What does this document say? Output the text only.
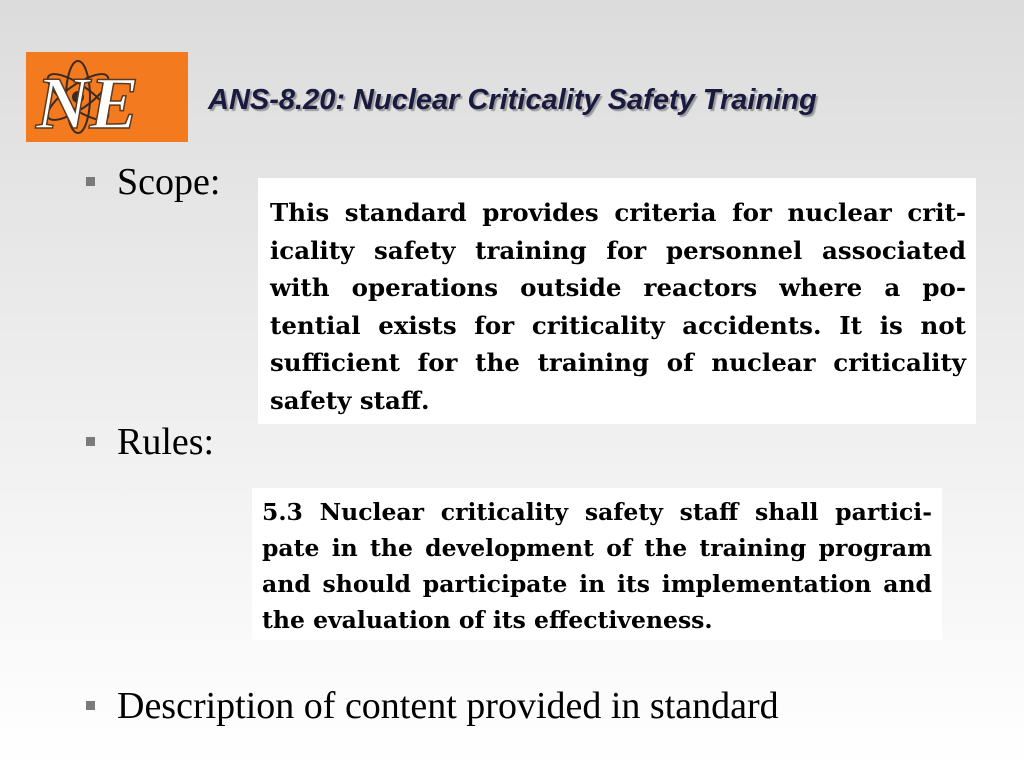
NE ANS-8.20: Nuclear Criticality Safety Training
Scope:
This standard provides criteria for nuclear crit-
icality safety training for personnel associated
with operations outside reactors where a po-
tential exists for criticality accidents. It is not
sufficient for the training of nuclear criticality
safety staff.
Rules:
5.3 Nuclear criticality safety staff shall partici-
pate in the development of the training program
and should participate in its implementation and
the evaluation of its effectiveness.
Description of content provided in standard
